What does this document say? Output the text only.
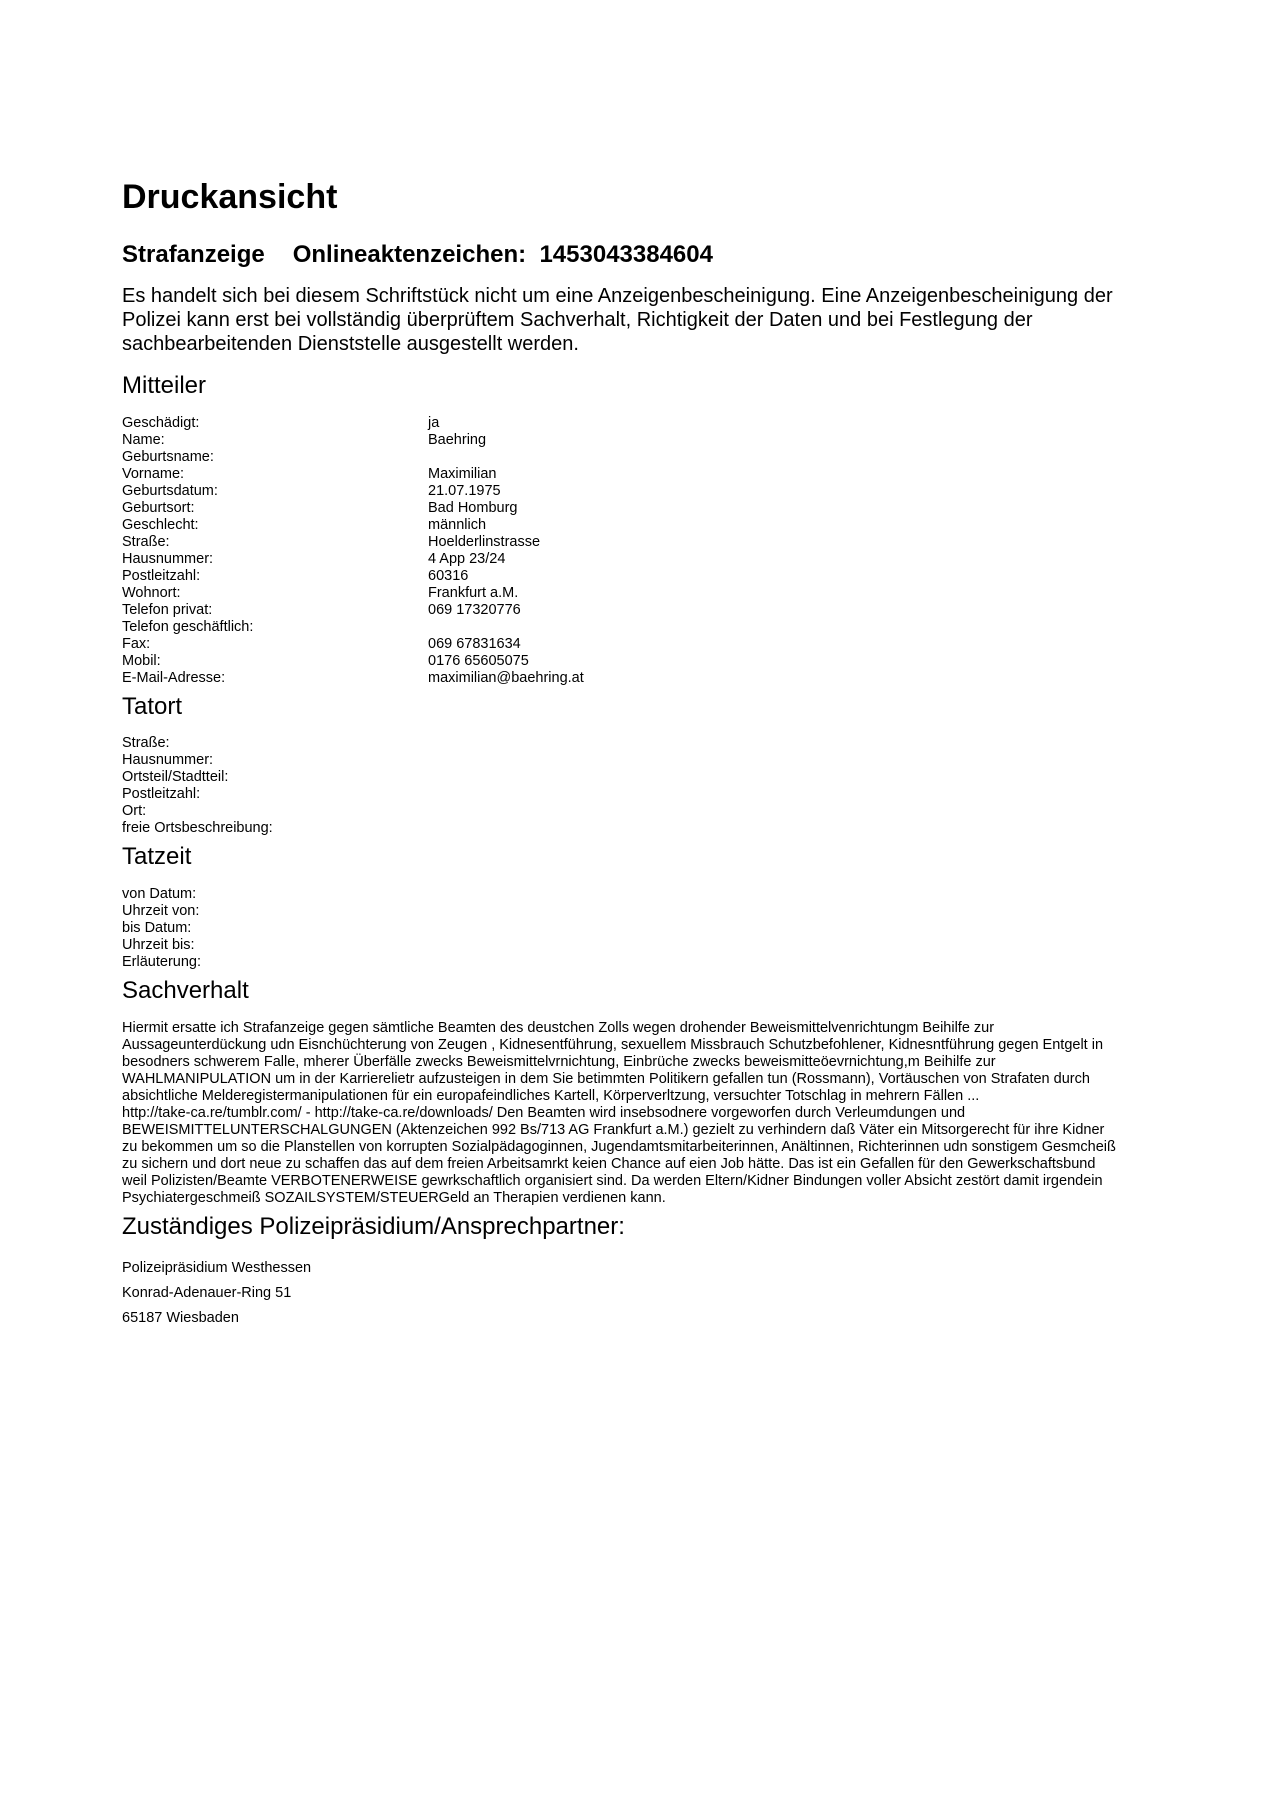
Druckansicht
Strafanzeige Onlineaktenzeichen: 1453043384604

Es handelt sich bei diesem Schriftstück nicht um eine Anzeigenbescheinigung. Eine Anzeigenbescheinigung der Polizei kann erst bei vollständig überprüftem Sachverhalt, Richtigkeit der Daten und bei Festlegung der sachbearbeitenden Dienststelle ausgestellt werden.

Mitteiler
Geschädigt:	ja
Name:	Baehring
Geburtsname:
Vorname:	Maximilian
Geburtsdatum:	21.07.1975
Geburtsort:	Bad Homburg
Geschlecht:	männlich
Straße:	Hoelderlinstrasse
Hausnummer:	4 App 23/24
Postleitzahl:	60316
Wohnort:	Frankfurt a.M.
Telefon privat:	069 17320776
Telefon geschäftlich:
Fax:	069 67831634
Mobil:	0176 65605075
E-Mail-Adresse:	maximilian@baehring.at
Tatort
Straße:
Hausnummer:
Ortsteil/Stadtteil:
Postleitzahl:
Ort:
freie Ortsbeschreibung:
Tatzeit
von Datum:
Uhrzeit von:
bis Datum:
Uhrzeit bis:
Erläuterung:
Sachverhalt
Hiermit ersatte ich Strafanzeige gegen sämtliche Beamten des deustchen Zolls wegen drohender Beweismittelvenrichtungm Beihilfe zur
Aussageunterdückung udn Eisnchüchterung von Zeugen , Kidnesentführung, sexuellem Missbrauch Schutzbefohlener, Kidnesntführung gegen Entgelt in
besodners schwerem Falle, mherer Überfälle zwecks Beweismittelvrnichtung, Einbrüche zwecks beweismitteöevrnichtung,m Beihilfe zur
WAHLMANIPULATION um in der Karrierelietr aufzusteigen in dem Sie betimmten Politikern gefallen tun (Rossmann), Vortäuschen von Strafaten durch
absichtliche Melderegistermanipulationen für ein europafeindliches Kartell, Körperverltzung, versuchter Totschlag in mehrern Fällen ...
http://take-ca.re/tumblr.com/ - http://take-ca.re/downloads/ Den Beamten wird insebsodnere vorgeworfen durch Verleumdungen und
BEWEISMITTELUNTERSCHALGUNGEN (Aktenzeichen 992 Bs/713 AG Frankfurt a.M.) gezielt zu verhindern daß Väter ein Mitsorgerecht für ihre Kidner
zu bekommen um so die Planstellen von korrupten Sozialpädagoginnen, Jugendamtsmitarbeiterinnen, Anältinnen, Richterinnen udn sonstigem Gesmcheiß
zu sichern und dort neue zu schaffen das auf dem freien Arbeitsamrkt keien Chance auf eien Job hätte. Das ist ein Gefallen für den Gewerkschaftsbund
weil Polizisten/Beamte VERBOTENERWEISE gewrkschaftlich organisiert sind. Da werden Eltern/Kidner Bindungen voller Absicht zestört damit irgendein
Psychiatergeschmeiß SOZAILSYSTEM/STEUERGeld an Therapien verdienen kann.
Zuständiges Polizeipräsidium/Ansprechpartner:
Polizeipräsidium Westhessen
Konrad-Adenauer-Ring 51
65187 Wiesbaden
